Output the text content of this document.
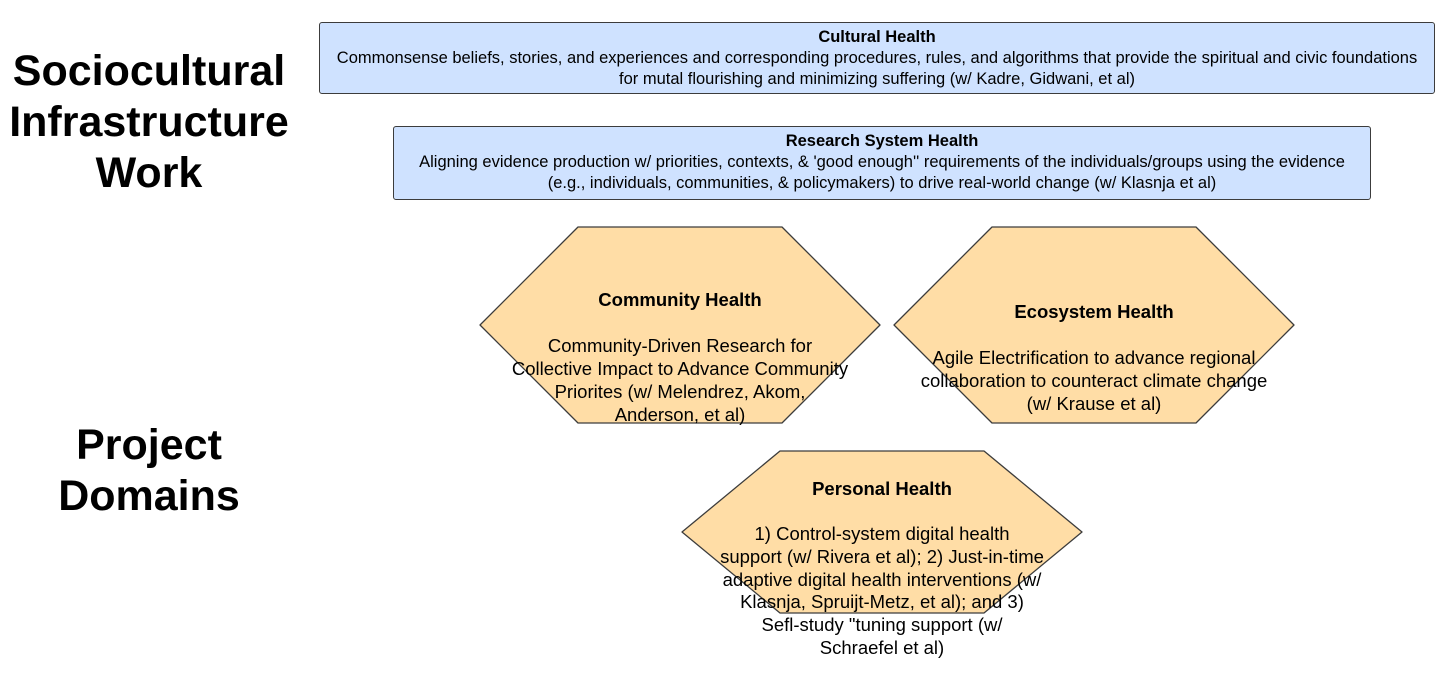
Sociocultural
Infrastructure
Work
Project
Domains
Cultural Health
Commonsense beliefs, stories, and experiences and corresponding procedures, rules, and algorithms that provide the spiritual and civic foundations
for mutal flourishing and minimizing suffering (w/ Kadre, Gidwani, et al)
Research System Health
Aligning evidence production w/ priorities, contexts, & 'good enough'' requirements of the individuals/groups using the evidence
(e.g., individuals, communities, & policymakers) to drive real-world change (w/ Klasnja et al)

Community Health

Community-Driven Research for
Collective Impact to Advance Community
Priorites (w/ Melendrez, Akom,
Anderson, et al)

Ecosystem Health

Agile Electrification to advance regional
collaboration to counteract climate change
(w/ Krause et al)

Personal Health

1) Control-system digital health
support (w/ Rivera et al); 2) Just-in-time
adaptive digital health interventions (w/
Klasnja, Spruijt-Metz, et al); and 3)
Sefl-study "tuning support (w/
Schraefel et al)
